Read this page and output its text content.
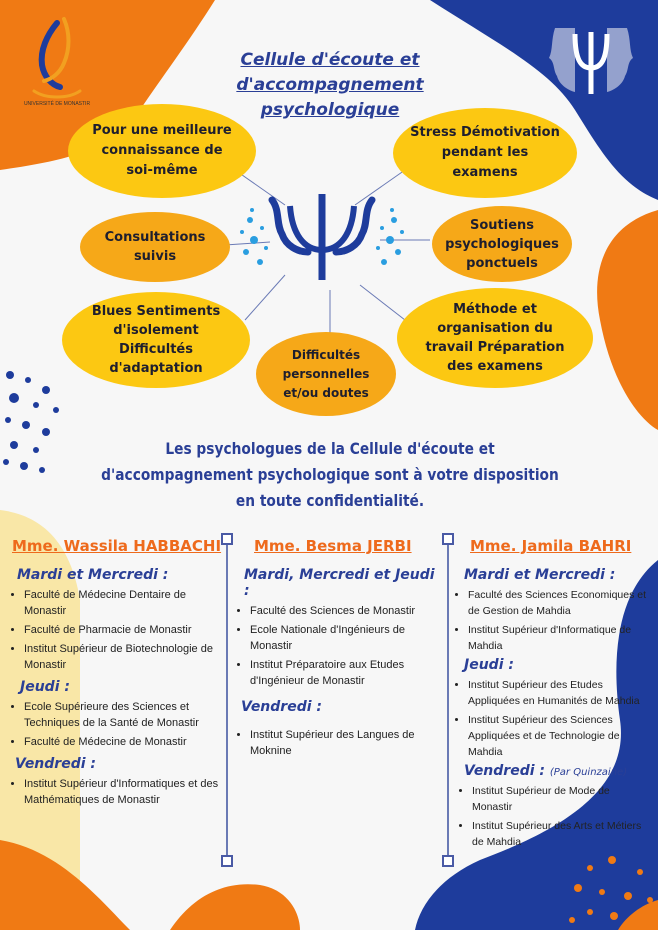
UNIVERSITÉ DE MONASTIR
Cellule d'écoute et
d'accompagnement
psychologique
Pour une meilleure connaissance de soi-même
Stress Démotivation pendant les examens
Consultations suivis
Soutiens psychologiques ponctuels
Blues Sentiments d'isolement Difficultés d'adaptation
Méthode et organisation du travail Préparation des examens
Difficultés personnelles et/ou doutes
Les psychologues de la Cellule d'écoute et d'accompagnement psychologique sont à votre disposition en toute confidentialité.
Mme. Wassila HABBACHI
Mardi et Mercredi :
• Faculté de Médecine Dentaire de Monastir
• Faculté de Pharmacie de Monastir
• Institut Supérieur de Biotechnologie de Monastir
Jeudi :
• Ecole Supérieure des Sciences et Techniques de la Santé de Monastir
• Faculté de Médecine de Monastir
Vendredi :
• Institut Supérieur d'Informatiques et des Mathématiques de Monastir
Mme. Besma JERBI
Mardi, Mercredi et Jeudi :
• Faculté des Sciences de Monastir
• Ecole Nationale d'Ingénieurs de Monastir
• Institut Préparatoire aux Etudes d'Ingénieur de Monastir
Vendredi :
• Institut Supérieur des Langues de Moknine
Mme. Jamila BAHRI
Mardi et Mercredi :
• Faculté des Sciences Economiques et de Gestion de Mahdia
• Institut Supérieur d'Informatique de Mahdia
Jeudi :
• Institut Supérieur des Etudes Appliquées en Humanités de Mahdia
• Institut Supérieur des Sciences Appliquées et de Technologie de Mahdia
Vendredi : (Par Quinzaine)
• Institut Supérieur de Mode de Monastir
• Institut Supérieur des Arts et Métiers de Mahdia
